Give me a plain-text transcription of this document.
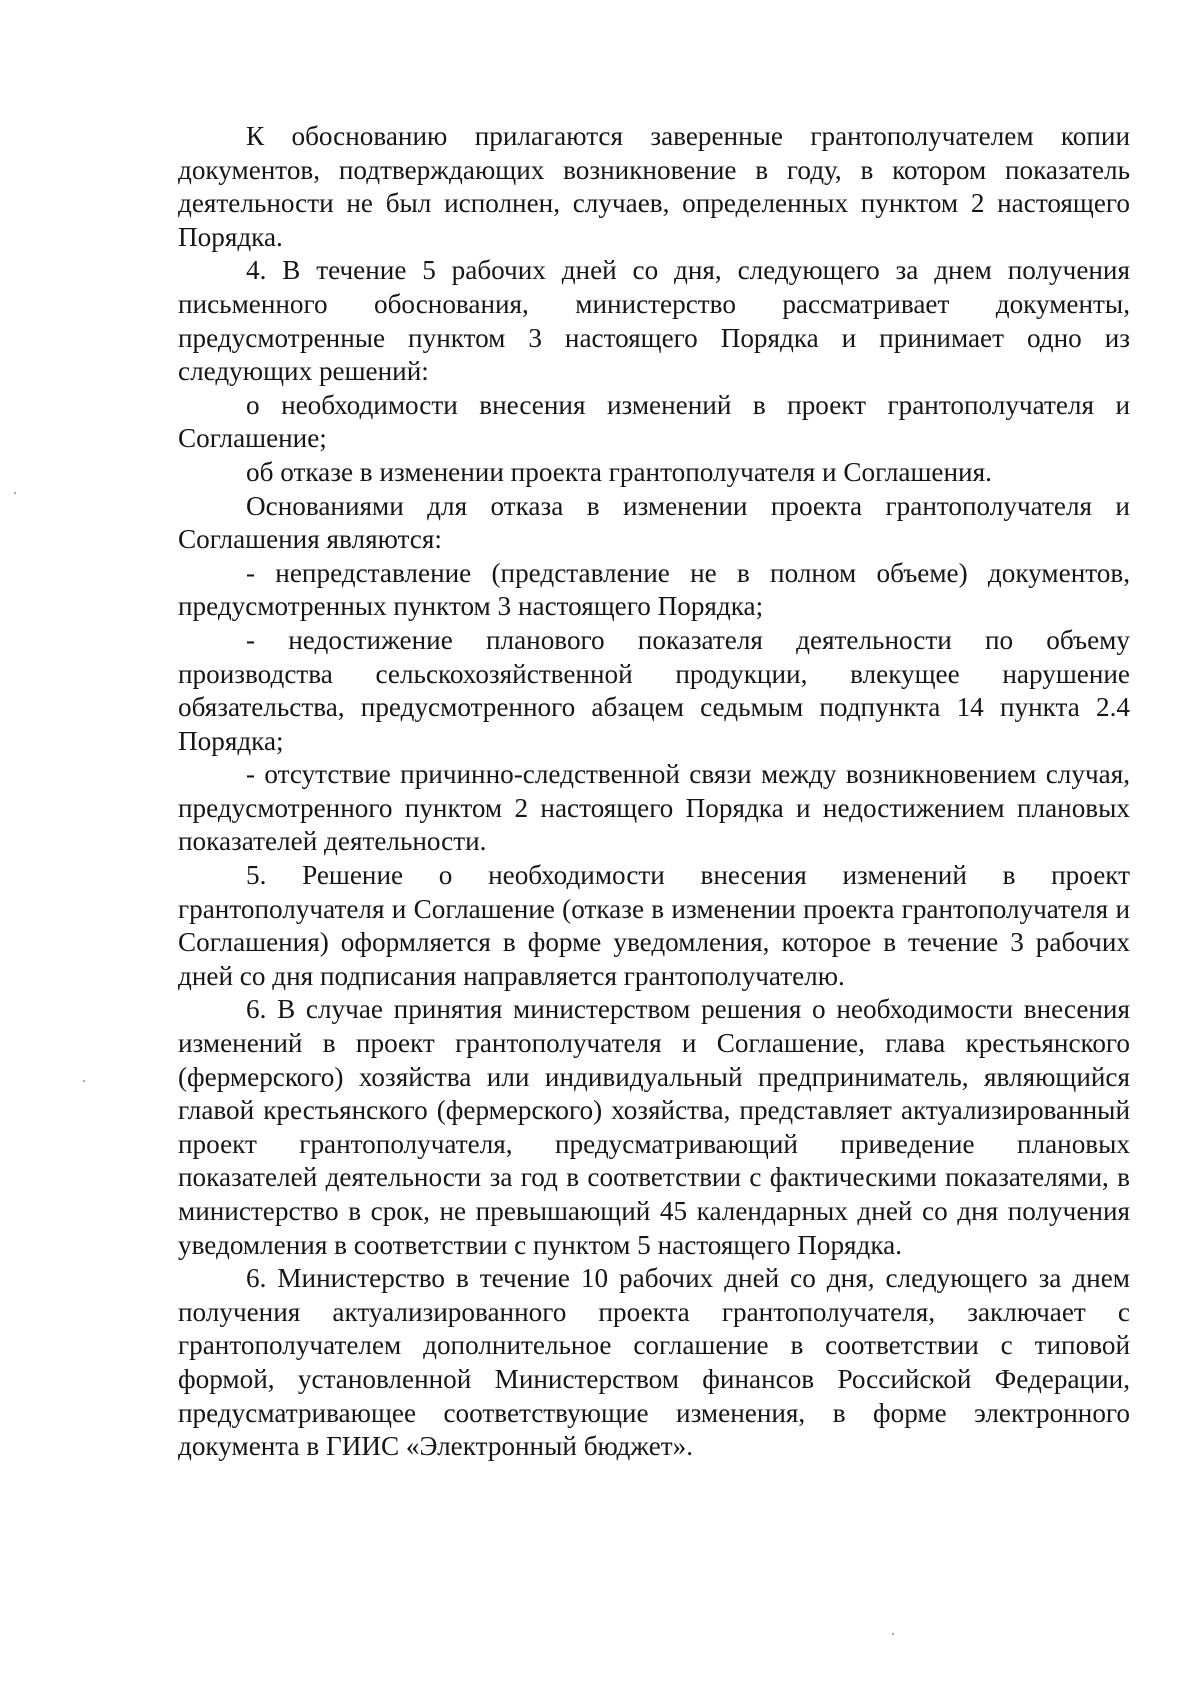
К обоснованию прилагаются заверенные грантополучателем копии документов, подтверждающих возникновение в году, в котором показатель деятельности не был исполнен, случаев, определенных пунктом 2 настоящего Порядка.

4. В течение 5 рабочих дней со дня, следующего за днем получения письменного обоснования, министерство рассматривает документы, предусмотренные пунктом 3 настоящего Порядка и принимает одно из следующих решений:

о необходимости внесения изменений в проект грантополучателя и Соглашение;

об отказе в изменении проекта грантополучателя и Соглашения.

Основаниями для отказа в изменении проекта грантополучателя и Соглашения являются:

- непредставление (представление не в полном объеме) документов, предусмотренных пунктом 3 настоящего Порядка;

- недостижение планового показателя деятельности по объему производства сельскохозяйственной продукции, влекущее нарушение обязательства, предусмотренного абзацем седьмым подпункта 14 пункта 2.4 Порядка;

- отсутствие причинно-следственной связи между возникновением случая, предусмотренного пунктом 2 настоящего Порядка и недостижением плановых показателей деятельности.

5. Решение о необходимости внесения изменений в проект грантополучателя и Соглашение (отказе в изменении проекта грантополучателя и Соглашения) оформляется в форме уведомления, которое в течение 3 рабочих дней со дня подписания направляется грантополучателю.

6. В случае принятия министерством решения о необходимости внесения изменений в проект грантополучателя и Соглашение, глава крестьянского (фермерского) хозяйства или индивидуальный предприниматель, являющийся главой крестьянского (фермерского) хозяйства, представляет актуализированный проект грантополучателя, предусматривающий приведение плановых показателей деятельности за год в соответствии с фактическими показателями, в министерство в срок, не превышающий 45 календарных дней со дня получения уведомления в соответствии с пунктом 5 настоящего Порядка.

6. Министерство в течение 10 рабочих дней со дня, следующего за днем получения актуализированного проекта грантополучателя, заключает с грантополучателем дополнительное соглашение в соответствии с типовой формой, установленной Министерством финансов Российской Федерации, предусматривающее соответствующие изменения, в форме электронного документа в ГИИС «Электронный бюджет».
